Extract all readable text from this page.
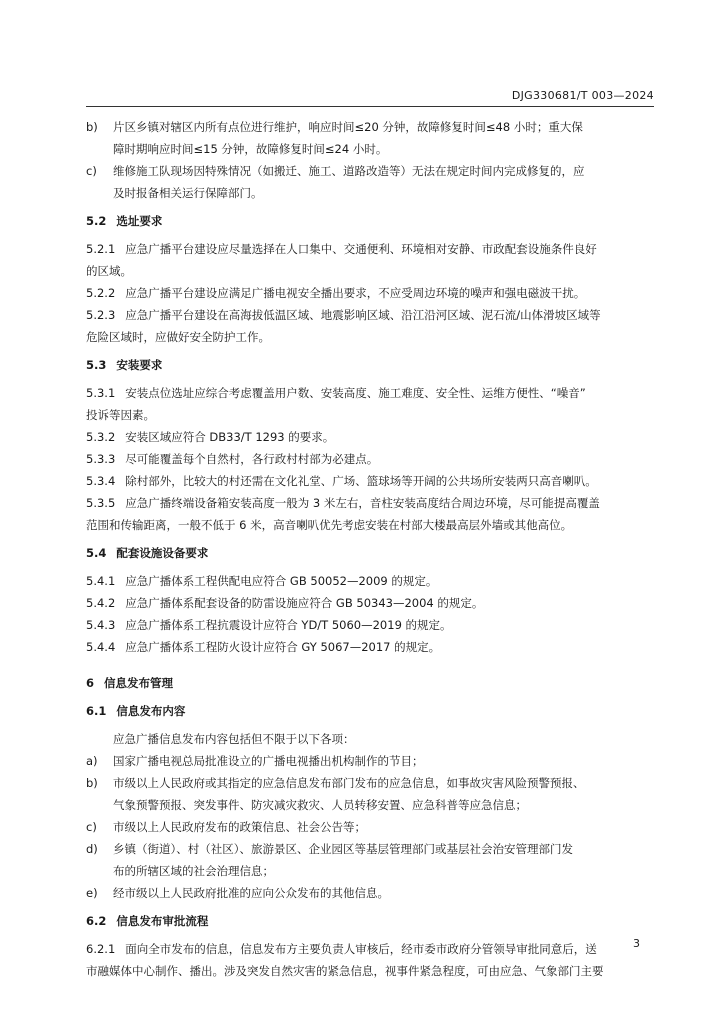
DJG330681/T 003—2024
b)	片区乡镇对辖区内所有点位进行维护，响应时间≤20 分钟，故障修复时间≤48 小时；重大保
障时期响应时间≤15 分钟，故障修复时间≤24 小时。
c)	维修施工队现场因特殊情况（如搬迁、施工、道路改造等）无法在规定时间内完成修复的，应
及时报备相关运行保障部门。
5.2 选址要求
5.2.1 应急广播平台建设应尽量选择在人口集中、交通便利、环境相对安静、市政配套设施条件良好
的区域。
5.2.2 应急广播平台建设应满足广播电视安全播出要求，不应受周边环境的噪声和强电磁波干扰。
5.2.3 应急广播平台建设在高海拔低温区域、地震影响区域、沿江沿河区域、泥石流/山体滑坡区域等
危险区域时，应做好安全防护工作。
5.3 安装要求
5.3.1 安装点位选址应综合考虑覆盖用户数、安装高度、施工难度、安全性、运维方便性、“噪音”
投诉等因素。
5.3.2 安装区域应符合 DB33/T 1293 的要求。
5.3.3 尽可能覆盖每个自然村，各行政村村部为必建点。
5.3.4 除村部外，比较大的村还需在文化礼堂、广场、篮球场等开阔的公共场所安装两只高音喇叭。
5.3.5 应急广播终端设备箱安装高度一般为 3 米左右，音柱安装高度结合周边环境，尽可能提高覆盖
范围和传输距离，一般不低于 6 米，高音喇叭优先考虑安装在村部大楼最高层外墙或其他高位。
5.4 配套设施设备要求
5.4.1 应急广播体系工程供配电应符合 GB 50052—2009 的规定。
5.4.2 应急广播体系配套设备的防雷设施应符合 GB 50343—2004 的规定。
5.4.3 应急广播体系工程抗震设计应符合 YD/T 5060—2019 的规定。
5.4.4 应急广播体系工程防火设计应符合 GY 5067—2017 的规定。
6 信息发布管理
6.1 信息发布内容
应急广播信息发布内容包括但不限于以下各项：
a)	国家广播电视总局批准设立的广播电视播出机构制作的节目；
b)	市级以上人民政府或其指定的应急信息发布部门发布的应急信息，如事故灾害风险预警预报、
气象预警预报、突发事件、防灾减灾救灾、人员转移安置、应急科普等应急信息；
c)	市级以上人民政府发布的政策信息、社会公告等；
d)	乡镇（街道）、村（社区）、旅游景区、企业园区等基层管理部门或基层社会治安管理部门发
布的所辖区域的社会治理信息；
e)	经市级以上人民政府批准的应向公众发布的其他信息。
6.2 信息发布审批流程
6.2.1 面向全市发布的信息，信息发布方主要负责人审核后，经市委市政府分管领导审批同意后，送
市融媒体中心制作、播出。涉及突发自然灾害的紧急信息，视事件紧急程度，可由应急、气象部门主要
3
